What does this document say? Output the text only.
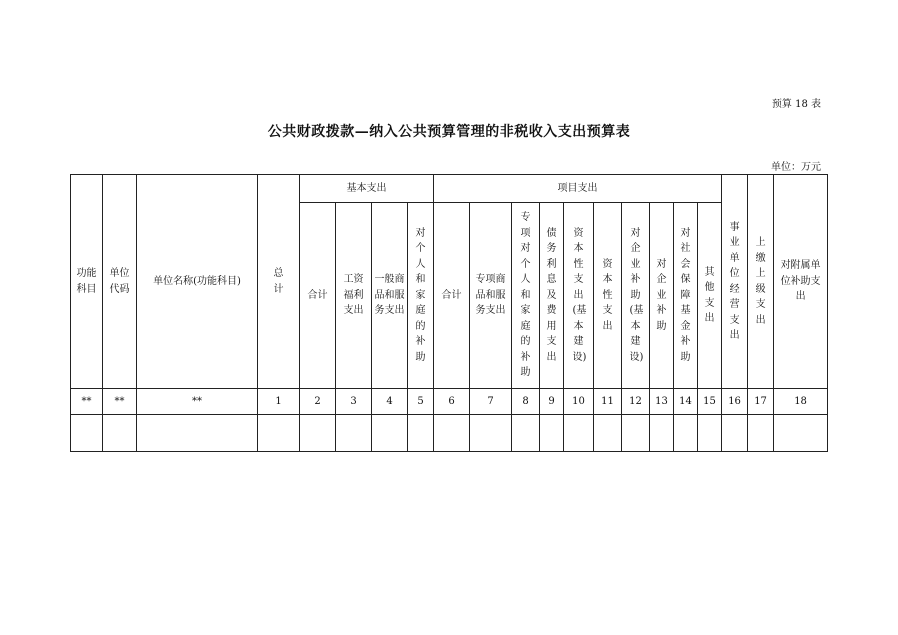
预算 18 表
公共财政拨款—纳入公共预算管理的非税收入支出预算表
单位：万元
功能科目	单位代码	单位名称(功能科目)	总计	基本支出				项目支出										事业单位经营支出	上缴上级支出	对附属单位补助支出
				合计	工资福利支出	一般商品和服务支出	对个人和家庭的补助	合计	专项商品和服务支出	专项对个人和家庭的补助	债务利息及费用支出	资本性支出(基本建设)	资本性支出	对企业补助(基本建设)	对企业补助	对社会保障基金补助	其他支出			
**	**	**	1	2	3	4	5	6	7	8	9	10	11	12	13	14	15	16	17	18
